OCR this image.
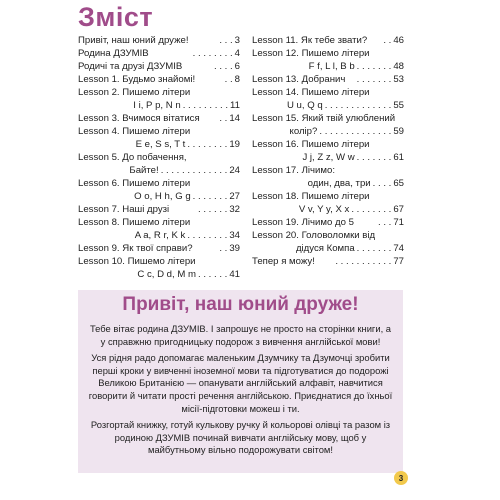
Зміст
Привіт, наш юний друже!	. . . 3
Родина ДЗУМІВ	. . . . . . . . 4
Родичі та друзі ДЗУМІВ	. . . . 6
Lesson 1. Будьмо знайомі!	. . 8
Lesson 2. Пишемо літери
І і, Р р, N n . . . . . . . . . 11
Lesson 3. Вчимося вітатися	. . 14
Lesson 4. Пишемо літери
E e, S s, T t . . . . . . . . 19
Lesson 5. До побачення,
Байте! . . . . . . . . . . . . . 24
Lesson 6. Пишемо літери
O o, H h, G g . . . . . . . 27
Lesson 7. Наші друзі	. . . . . . 32
Lesson 8. Пишемо літери
A a, R r, K k . . . . . . . . 34
Lesson 9. Як твої справи?	. . 39
Lesson 10. Пишемо літери
C c, D d, M m . . . . . . 41
Lesson 11. Як тебе звати?	. . 46
Lesson 12. Пишемо літери
F f, L l, B b . . . . . . . 48
Lesson 13. Добранич	. . . . . . . 53
Lesson 14. Пишемо літери
U u, Q q . . . . . . . . . . . . . 55
Lesson 15. Який твій улюблений
колір? . . . . . . . . . . . . . . 59
Lesson 16. Пишемо літери
J j, Z z, W w . . . . . . . 61
Lesson 17. Лічимо:
один, два, три . . . . 65
Lesson 18. Пишемо літери
V v, Y y, X x . . . . . . . . 67
Lesson 19. Лічимо до 5	. . . 71
Lesson 20. Головоломки від
дідуся Компа . . . . . . . 74
Тепер я можу!	. . . . . . . . . . . 77
Привіт, наш юний друже!

Тебе вітає родина ДЗУМІВ. І запрошує не просто на сторінки книги, а у справжню пригодницьку подорож з вивчення англійської мови!

Уся рідня радо допомагає маленьким Дзумчику та Дзумочці зробити перші кроки у вивченні іноземної мови та підготуватися до подорожі Великою Британією — опанувати англійський алфавіт, навчитися говорити й читати прості речення англійською. Приєднатися до їхньої місії-підготовки можеш і ти.

Розгортай книжку, готуй кулькову ручку й кольорові олівці та разом із родиною ДЗУМІВ починай вивчати англійську мову, щоб у майбутньому вільно подорожувати світом!

3
